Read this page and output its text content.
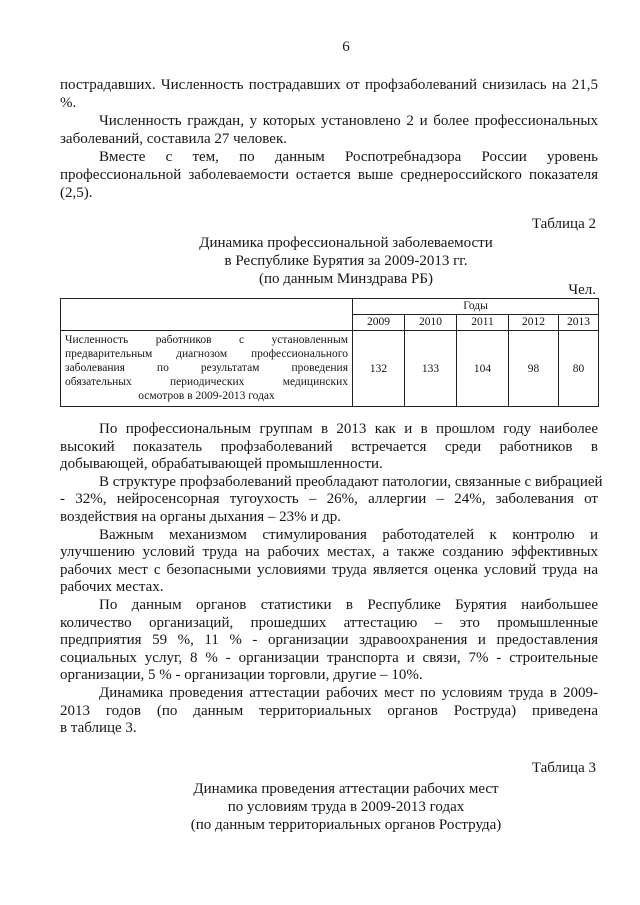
6
пострадавших. Численность пострадавших от профзаболеваний снизилась на 21,5
%.
Численность граждан, у которых установлено 2 и более профессиональных
заболеваний, составила 27 человек.
Вместе с тем, по данным Роспотребнадзора России уровень
профессиональной заболеваемости остается выше среднероссийского показателя
(2,5).
Таблица 2
Динамика профессиональной заболеваемости
в Республике Бурятия за 2009-2013 гг.
(по данным Минздрава РБ)
Чел.
	Годы				
	2009	2010	2011	2012	2013

Численность работников с установленным
предварительным диагнозом профессионального
заболевания по результатам проведения
обязательных периодических медицинских
осмотров в 2009-2013 годах	132	133	104	98	80
По профессиональным группам в 2013 как и в прошлом году наиболее
высокий показатель профзаболеваний встречается среди работников в
добывающей, обрабатывающей промышленности.
В структуре профзаболеваний преобладают патологии, связанные с вибрацией
- 32%, нейросенсорная тугоухость – 26%, аллергии – 24%, заболевания от
воздействия на органы дыхания – 23% и др.
Важным механизмом стимулирования работодателей к контролю и
улучшению условий труда на рабочих местах, а также созданию эффективных
рабочих мест с безопасными условиями труда является оценка условий труда на
рабочих местах.
По данным органов статистики в Республике Бурятия наибольшее
количество организаций, прошедших аттестацию – это промышленные
предприятия 59 %, 11 % - организации здравоохранения и предоставления
социальных услуг, 8 % - организации транспорта и связи, 7% - строительные
организации, 5 % - организации торговли, другие – 10%.
Динамика проведения аттестации рабочих мест по условиям труда в 2009-
2013 годов (по данным территориальных органов Роструда) приведена
в таблице 3.
Таблица 3
Динамика проведения аттестации рабочих мест
по условиям труда в 2009-2013 годах
(по данным территориальных органов Роструда)
